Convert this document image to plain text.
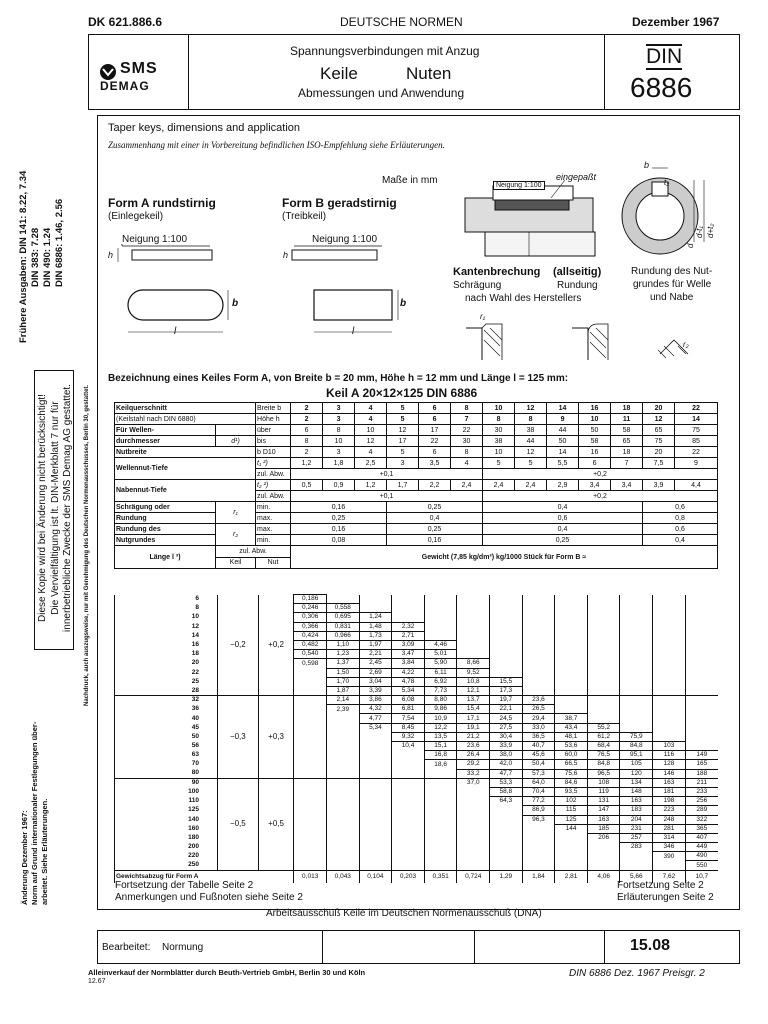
DK 621.886.6	DEUTSCHE NORMEN	Dezember 1967
SMS
DEMAG
Spannungsverbindungen mit Anzug
Keile	Nuten
Abmessungen und Anwendung
DIN
6886
Taper keys, dimensions and application
Zusammenhang mit einer in Vorbereitung befindlichen ISO-Empfehlung siehe Erläuterungen.
Maße in mm
Form A rundstirnig
(Einlegekeil)
Form B geradstirnig
(Treibkeil)
Neigung 1:100
h
b
l
Neigung 1:100
h
b
l
Neigung 1:100
eingepaßt
b
t₂
d
d-t₁ d+t₂
Kantenbrechung (allseitig)
Schrägung	Rundung
nach Wahl des Herstellers
Rundung des Nut-
grundes für Welle
und Nabe
r₁
r₂
Bezeichnung eines Keiles Form A, von Breite b = 20 mm, Höhe h = 12 mm und Länge l = 125 mm:
Keil A 20×12×125 DIN 6886
Keilquerschnitt		Breite b	2	3	4	5	6	8	10	12	14	16	18	20	22
(Keilstahl nach DIN 6880)		Höhe h	2	3	4	5	6	7	8	8	9	10	11	12	14
Für Wellen-		über	6	8	10	12	17	22	30	38	44	50	58	65	75
durchmesser	d¹)	bis	8	10	12	17	22	30	38	44	50	58	65	75	85
Nutbreite		b D10	2	3	4	5	6	8	10	12	14	16	18	20	22
Wellennut-Tiefe		t₁ ²)	1,2	1,8	2,5	3	3,5	4	5	5	5,5	6	7	7,5	9
		zul. Abw.	+0,1						+0,2						
Nabennut-Tiefe		t₂ ²)	0,5	0,9	1,2	1,7	2,2	2,4	2,4	2,4	2,9	3,4	3,4	3,9	4,4
		zul. Abw.	+0,1						+0,2						
Schrägung oder	r₁	min.	0,16			0,25			0,4					0,6	
Rundung		max.	0,25			0,4			0,6					0,8	
Rundung des	r₂	max.	0,16			0,25			0,4					0,6	
Nutgrundes		min.	0,08			0,16			0,25					0,4	
Länge l ³)	zul. Abw.		Gewicht (7,85 kg/dm³) kg/1000 Stück für Form B ≈												
	Keil	Nut													
6	−0,2	+0,2	0,186												
8			0,246	0,558											
10			0,306	0,695	1,24										
12			0,366	0,831	1,48	2,32									
14			0,424	0,966	1,73	2,71									
16			0,482	1,10	1,97	3,09	4,46								
18			0,540	1,23	2,21	3,47	5,01								
20			0,598	1,37	2,45	3,84	5,90	8,66							
22				1,50	2,69	4,22	6,11	9,52							
25				1,70	3,04	4,78	6,92	10,8	15,5						
28				1,87	3,39	5,34	7,73	12,1	17,3						
32	−0,3	+0,3		2,14	3,86	6,08	8,80	13,7	19,7	23,6					
36				2,39	4,32	6,81	9,86	15,4	22,1	26,5					
40					4,77	7,54	10,9	17,1	24,5	29,4	38,7				
45					5,34	8,45	12,2	19,1	27,5	33,0	43,4	55,2			
50						9,32	13,5	21,2	30,4	36,5	48,1	61,2	75,9		
56						10,4	15,1	23,6	33,9	40,7	53,6	68,4	84,8	103	
63							16,8	26,4	38,0	45,6	60,0	76,5	95,1	116	149
70							18,6	29,2	42,0	50,4	66,5	84,8	105	128	165
80								33,2	47,7	57,3	75,6	96,5	120	146	188
90	−0,5	+0,5						37,0	53,3	64,0	84,6	108	134	163	211
100									58,8	70,4	93,5	119	148	181	233
110									64,3	77,2	102	131	163	198	256
125										86,9	115	147	183	223	289
140										96,3	125	163	204	248	322
160											144	185	231	281	365
180												206	257	314	407
200													283	346	449
220														390	490
250															550
Gewichtsabzug für Form A			0,013	0,043	0,104	0,203	0,351	0,724	1,29	1,84	2,81	4,06	5,66	7,62	10,7
Fortsetzung der Tabelle Seite 2
Anmerkungen und Fußnoten siehe Seite 2
Fortsetzung Seite 2
Erläuterungen Seite 2
Arbeitsausschuß Keile im Deutschen Normenausschuß (DNA)
Bearbeitet: Normung	15.08
Alleinverkauf der Normblätter durch Beuth-Vertrieb GmbH, Berlin 30 und Köln
12.67
DIN 6886 Dez. 1967 Preisgr. 2
Frühere Ausgaben: DIN 141: 8.22, 7.34 DIN 383: 7.28 DIN 490: 1.24 DIN 6886: 1.46, 2.56
Diese Kopie wird bei Änderung nicht berücksichtigt! Die Vervielfältigung ist lt. DIN-Merkblatt 7 nur für innerbetriebliche Zwecke der SMS Demag AG gestattet. Nachdruck, auch auszugsweise, nur mit Genehmigung des Deutschen Normenausschusses, Berlin 30, gestattet.
Änderung Dezember 1967: Norm auf Grund internationaler Festlegungen über- arbeitet. Siehe Erläuterungen.
